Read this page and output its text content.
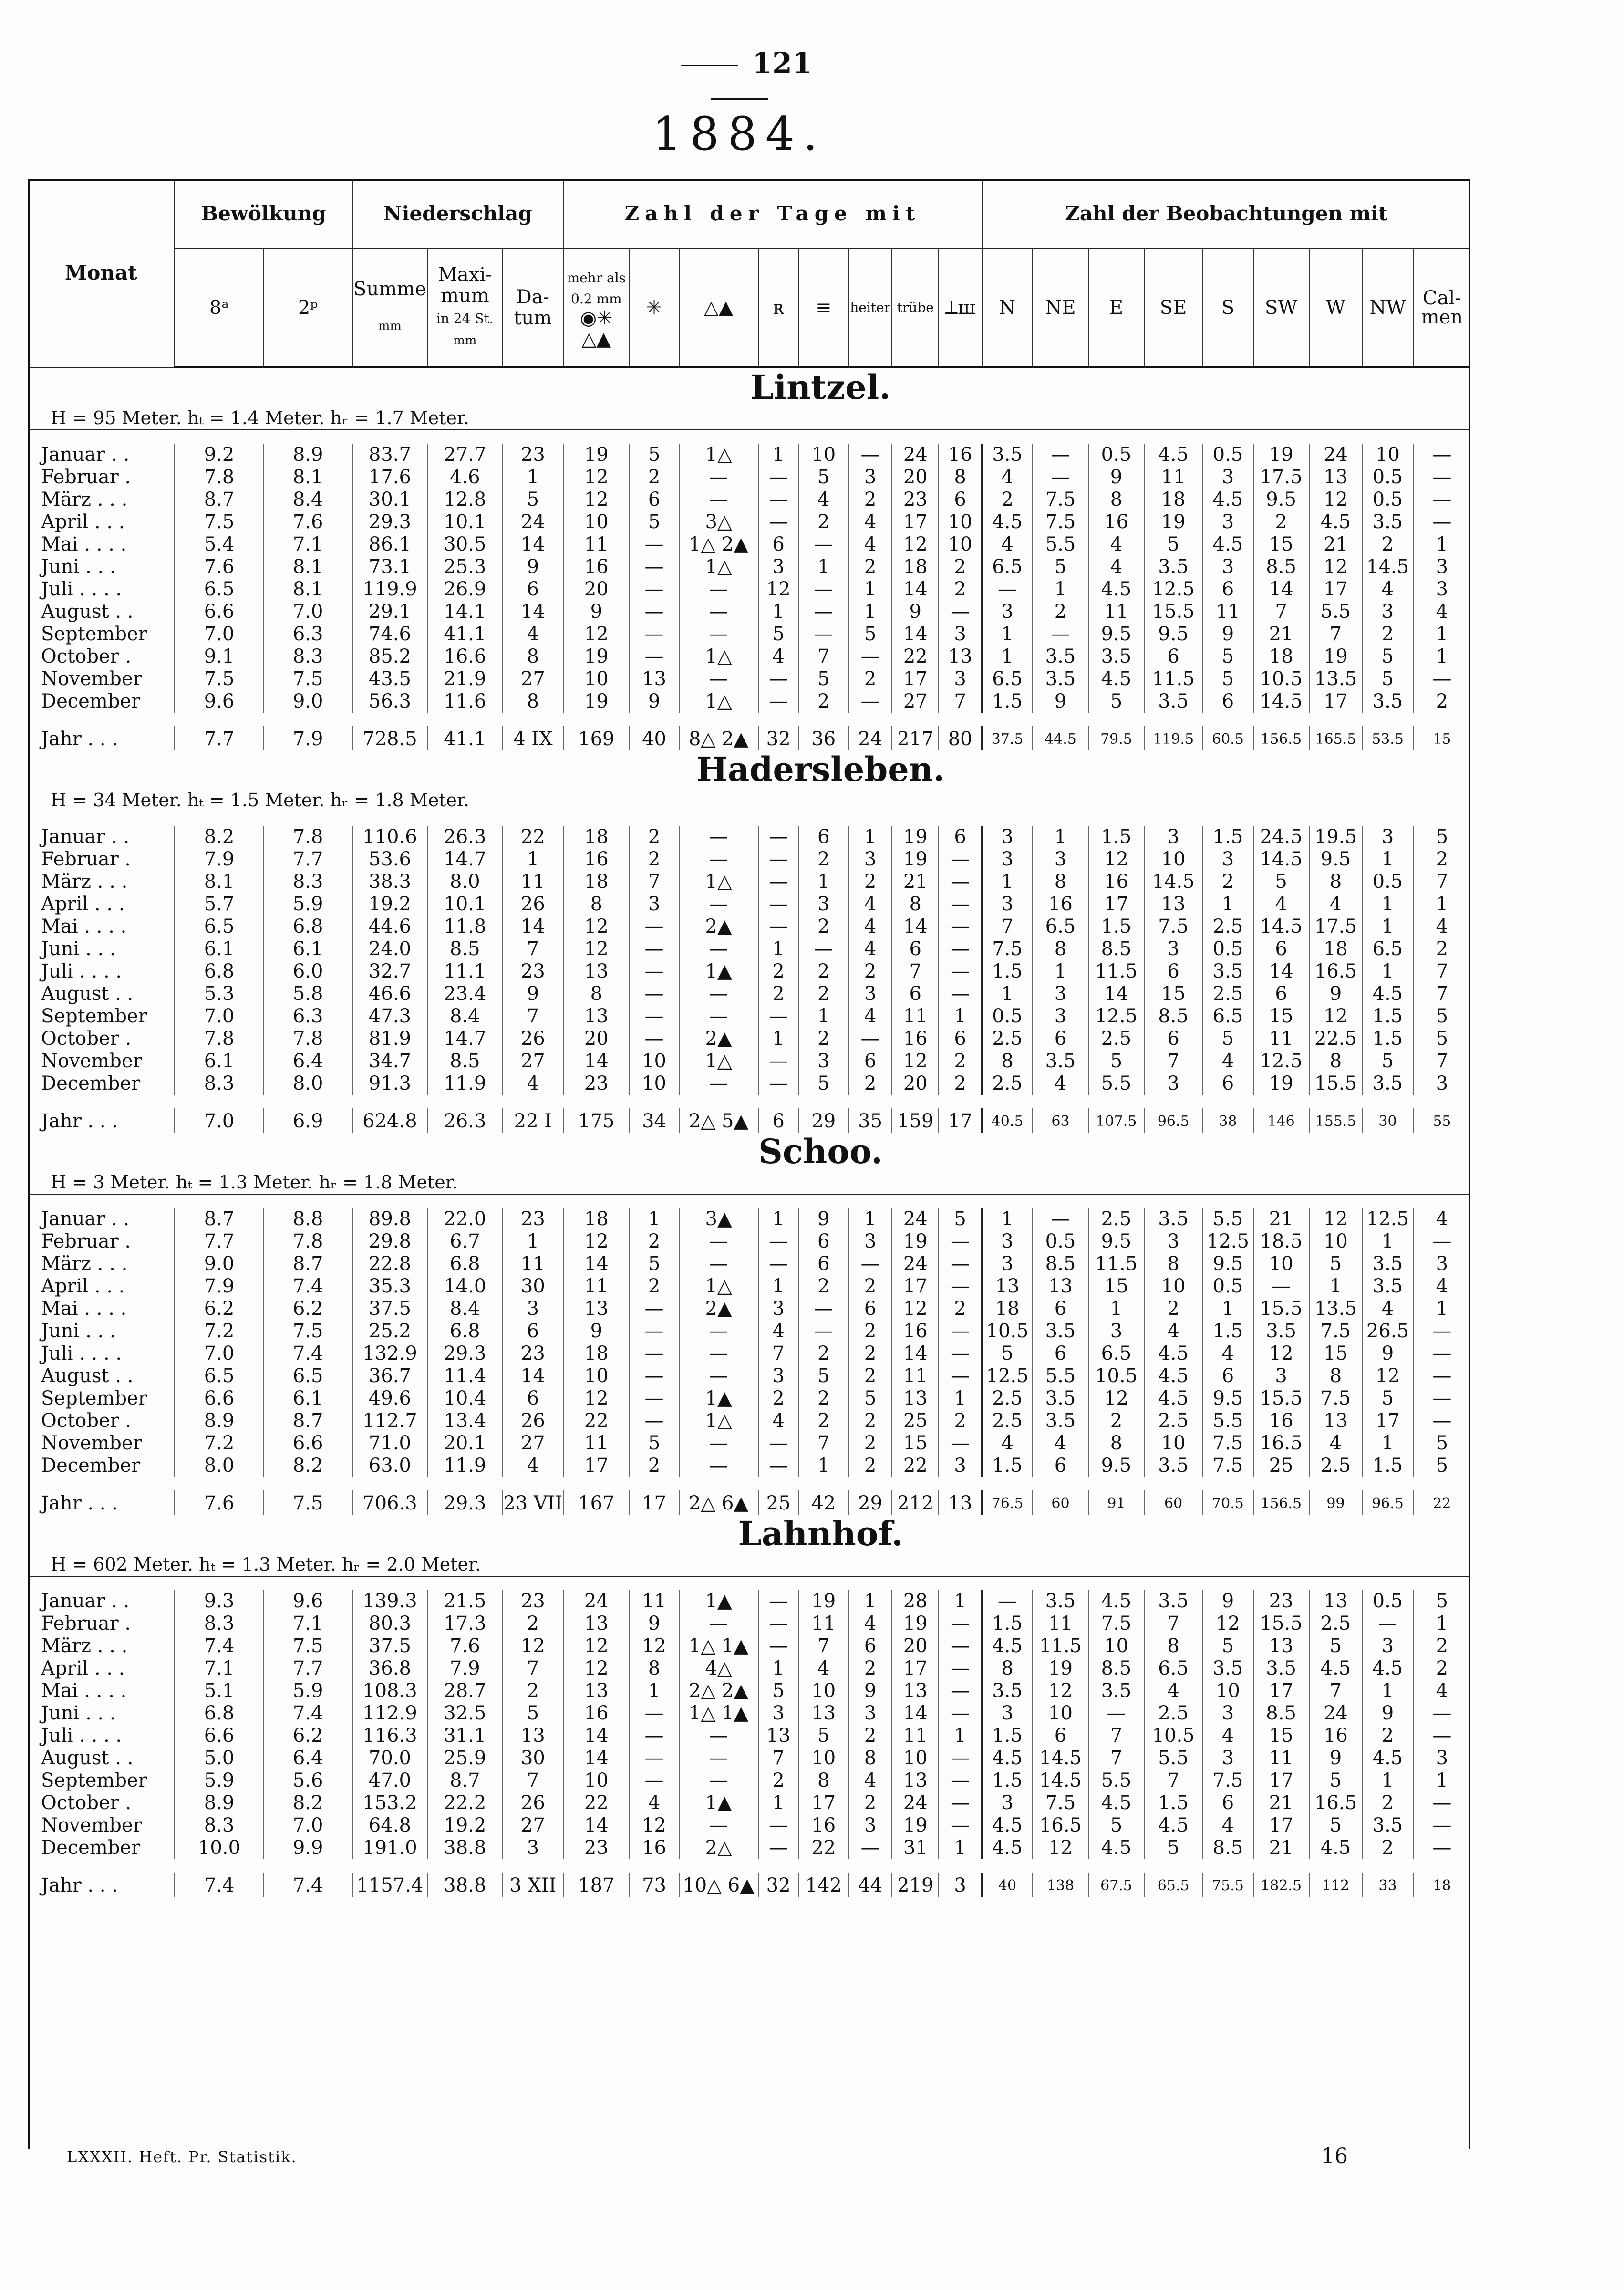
121
1884.
Monat	Bewölkung		Niederschlag			Zahl der Tage mit								Zahl der Beobachtungen mit								
	8ᵃ	2ᵖ	Summe
mm	Maxi- mum
in 24 St.
mm	Da- tum	mehr als 0.2 mm
◉✳ △▲	✳	△▲	ʀ	≡	heiter	trübe	⟂ш	N	NE	E	SE	S	SW	W	NW	Cal- men

Lintzel.
H = 95 Meter. hₜ = 1.4 Meter. hᵣ = 1.7 Meter.																						

Januar . .	9.2	8.9	83.7	27.7	23	19	5	1△	1	10	—	24	16	3.5	—	0.5	4.5	0.5	19	24	10	—
Februar .	7.8	8.1	17.6	4.6	1	12	2	—	—	5	3	20	8	4	—	9	11	3	17.5	13	0.5	—
März . . .	8.7	8.4	30.1	12.8	5	12	6	—	—	4	2	23	6	2	7.5	8	18	4.5	9.5	12	0.5	—
April . . .	7.5	7.6	29.3	10.1	24	10	5	3△	—	2	4	17	10	4.5	7.5	16	19	3	2	4.5	3.5	—
Mai . . . .	5.4	7.1	86.1	30.5	14	11	—	1△ 2▲	6	—	4	12	10	4	5.5	4	5	4.5	15	21	2	1
Juni . . .	7.6	8.1	73.1	25.3	9	16	—	1△	3	1	2	18	2	6.5	5	4	3.5	3	8.5	12	14.5	3
Juli . . . .	6.5	8.1	119.9	26.9	6	20	—	—	12	—	1	14	2	—	1	4.5	12.5	6	14	17	4	3
August . .	6.6	7.0	29.1	14.1	14	9	—	—	1	—	1	9	—	3	2	11	15.5	11	7	5.5	3	4
September	7.0	6.3	74.6	41.1	4	12	—	—	5	—	5	14	3	1	—	9.5	9.5	9	21	7	2	1
October .	9.1	8.3	85.2	16.6	8	19	—	1△	4	7	—	22	13	1	3.5	3.5	6	5	18	19	5	1
November	7.5	7.5	43.5	21.9	27	10	13	—	—	5	2	17	3	6.5	3.5	4.5	11.5	5	10.5	13.5	5	—
December	9.6	9.0	56.3	11.6	8	19	9	1△	—	2	—	27	7	1.5	9	5	3.5	6	14.5	17	3.5	2

Jahr . . .	7.7	7.9	728.5	41.1	4 IX	169	40	8△ 2▲	32	36	24	217	80	37.5	44.5	79.5	119.5	60.5	156.5	165.5	53.5	15

Hadersleben.
H = 34 Meter. hₜ = 1.5 Meter. hᵣ = 1.8 Meter.																						

Januar . .	8.2	7.8	110.6	26.3	22	18	2	—	—	6	1	19	6	3	1	1.5	3	1.5	24.5	19.5	3	5
Februar .	7.9	7.7	53.6	14.7	1	16	2	—	—	2	3	19	—	3	3	12	10	3	14.5	9.5	1	2
März . . .	8.1	8.3	38.3	8.0	11	18	7	1△	—	1	2	21	—	1	8	16	14.5	2	5	8	0.5	7
April . . .	5.7	5.9	19.2	10.1	26	8	3	—	—	3	4	8	—	3	16	17	13	1	4	4	1	1
Mai . . . .	6.5	6.8	44.6	11.8	14	12	—	2▲	—	2	4	14	—	7	6.5	1.5	7.5	2.5	14.5	17.5	1	4
Juni . . .	6.1	6.1	24.0	8.5	7	12	—	—	1	—	4	6	—	7.5	8	8.5	3	0.5	6	18	6.5	2
Juli . . . .	6.8	6.0	32.7	11.1	23	13	—	1▲	2	2	2	7	—	1.5	1	11.5	6	3.5	14	16.5	1	7
August . .	5.3	5.8	46.6	23.4	9	8	—	—	2	2	3	6	—	1	3	14	15	2.5	6	9	4.5	7
September	7.0	6.3	47.3	8.4	7	13	—	—	—	1	4	11	1	0.5	3	12.5	8.5	6.5	15	12	1.5	5
October .	7.8	7.8	81.9	14.7	26	20	—	2▲	1	2	—	16	6	2.5	6	2.5	6	5	11	22.5	1.5	5
November	6.1	6.4	34.7	8.5	27	14	10	1△	—	3	6	12	2	8	3.5	5	7	4	12.5	8	5	7
December	8.3	8.0	91.3	11.9	4	23	10	—	—	5	2	20	2	2.5	4	5.5	3	6	19	15.5	3.5	3

Jahr . . .	7.0	6.9	624.8	26.3	22 I	175	34	2△ 5▲	6	29	35	159	17	40.5	63	107.5	96.5	38	146	155.5	30	55

Schoo.
H = 3 Meter. hₜ = 1.3 Meter. hᵣ = 1.8 Meter.																						

Januar . .	8.7	8.8	89.8	22.0	23	18	1	3▲	1	9	1	24	5	1	—	2.5	3.5	5.5	21	12	12.5	4
Februar .	7.7	7.8	29.8	6.7	1	12	2	—	—	6	3	19	—	3	0.5	9.5	3	12.5	18.5	10	1	—
März . . .	9.0	8.7	22.8	6.8	11	14	5	—	—	6	—	24	—	3	8.5	11.5	8	9.5	10	5	3.5	3
April . . .	7.9	7.4	35.3	14.0	30	11	2	1△	1	2	2	17	—	13	13	15	10	0.5	—	1	3.5	4
Mai . . . .	6.2	6.2	37.5	8.4	3	13	—	2▲	3	—	6	12	2	18	6	1	2	1	15.5	13.5	4	1
Juni . . .	7.2	7.5	25.2	6.8	6	9	—	—	4	—	2	16	—	10.5	3.5	3	4	1.5	3.5	7.5	26.5	—
Juli . . . .	7.0	7.4	132.9	29.3	23	18	—	—	7	2	2	14	—	5	6	6.5	4.5	4	12	15	9	—
August . .	6.5	6.5	36.7	11.4	14	10	—	—	3	5	2	11	—	12.5	5.5	10.5	4.5	6	3	8	12	—
September	6.6	6.1	49.6	10.4	6	12	—	1▲	2	2	5	13	1	2.5	3.5	12	4.5	9.5	15.5	7.5	5	—
October .	8.9	8.7	112.7	13.4	26	22	—	1△	4	2	2	25	2	2.5	3.5	2	2.5	5.5	16	13	17	—
November	7.2	6.6	71.0	20.1	27	11	5	—	—	7	2	15	—	4	4	8	10	7.5	16.5	4	1	5
December	8.0	8.2	63.0	11.9	4	17	2	—	—	1	2	22	3	1.5	6	9.5	3.5	7.5	25	2.5	1.5	5

Jahr . . .	7.6	7.5	706.3	29.3	23 VII	167	17	2△ 6▲	25	42	29	212	13	76.5	60	91	60	70.5	156.5	99	96.5	22

Lahnhof.
H = 602 Meter. hₜ = 1.3 Meter. hᵣ = 2.0 Meter.																						

Januar . .	9.3	9.6	139.3	21.5	23	24	11	1▲	—	19	1	28	1	—	3.5	4.5	3.5	9	23	13	0.5	5
Februar .	8.3	7.1	80.3	17.3	2	13	9	—	—	11	4	19	—	1.5	11	7.5	7	12	15.5	2.5	—	1
März . . .	7.4	7.5	37.5	7.6	12	12	12	1△ 1▲	—	7	6	20	—	4.5	11.5	10	8	5	13	5	3	2
April . . .	7.1	7.7	36.8	7.9	7	12	8	4△	1	4	2	17	—	8	19	8.5	6.5	3.5	3.5	4.5	4.5	2
Mai . . . .	5.1	5.9	108.3	28.7	2	13	1	2△ 2▲	5	10	9	13	—	3.5	12	3.5	4	10	17	7	1	4
Juni . . .	6.8	7.4	112.9	32.5	5	16	—	1△ 1▲	3	13	3	14	—	3	10	—	2.5	3	8.5	24	9	—
Juli . . . .	6.6	6.2	116.3	31.1	13	14	—	—	13	5	2	11	1	1.5	6	7	10.5	4	15	16	2	—
August . .	5.0	6.4	70.0	25.9	30	14	—	—	7	10	8	10	—	4.5	14.5	7	5.5	3	11	9	4.5	3
September	5.9	5.6	47.0	8.7	7	10	—	—	2	8	4	13	—	1.5	14.5	5.5	7	7.5	17	5	1	1
October .	8.9	8.2	153.2	22.2	26	22	4	1▲	1	17	2	24	—	3	7.5	4.5	1.5	6	21	16.5	2	—
November	8.3	7.0	64.8	19.2	27	14	12	—	—	16	3	19	—	4.5	16.5	5	4.5	4	17	5	3.5	—
December	10.0	9.9	191.0	38.8	3	23	16	2△	—	22	—	31	1	4.5	12	4.5	5	8.5	21	4.5	2	—

Jahr . . .	7.4	7.4	1157.4	38.8	3 XII	187	73	10△ 6▲	32	142	44	219	3	40	138	67.5	65.5	75.5	182.5	112	33	18
LXXXII. Heft. Pr. Statistik.	16
